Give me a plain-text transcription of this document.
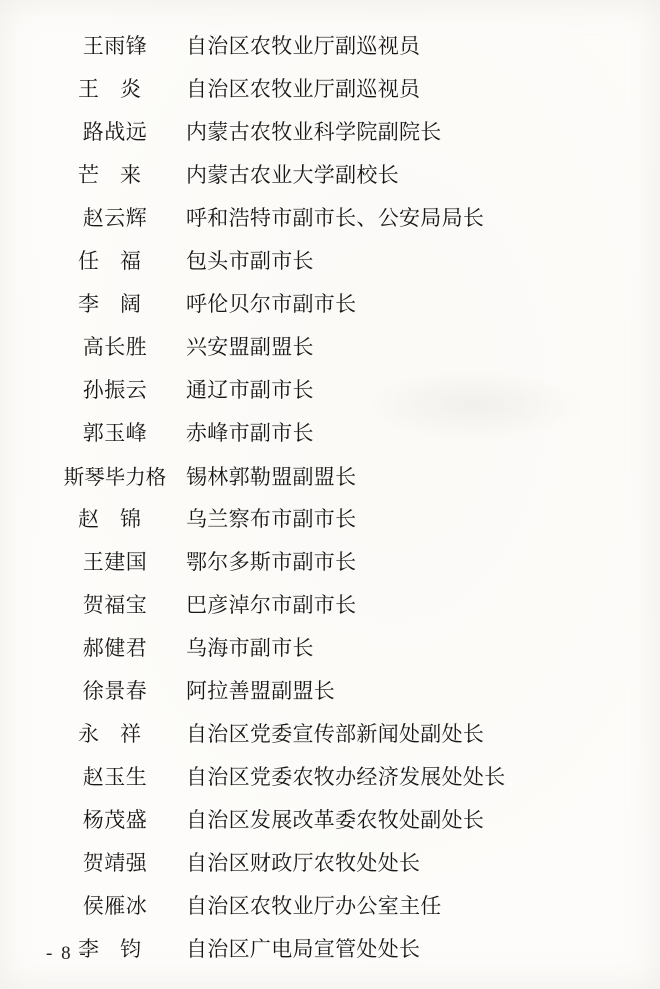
王雨锋	自治区农牧业厅副巡视员
王　炎	自治区农牧业厅副巡视员
路战远	内蒙古农牧业科学院副院长
芒　来	内蒙古农业大学副校长
赵云辉	呼和浩特市副市长、公安局局长
任　福	包头市副市长
李　阔	呼伦贝尔市副市长
高长胜	兴安盟副盟长
孙振云	通辽市副市长
郭玉峰	赤峰市副市长
斯琴毕力格 锡林郭勒盟副盟长
赵　锦	乌兰察布市副市长
王建国	鄂尔多斯市副市长
贺福宝	巴彦淖尔市副市长
郝健君	乌海市副市长
徐景春	阿拉善盟副盟长
永　祥	自治区党委宣传部新闻处副处长
赵玉生	自治区党委农牧办经济发展处处长
杨茂盛	自治区发展改革委农牧处副处长
贺靖强	自治区财政厅农牧处处长
侯雁冰	自治区农牧业厅办公室主任
李　钧	自治区广电局宣管处处长
- 8 -
